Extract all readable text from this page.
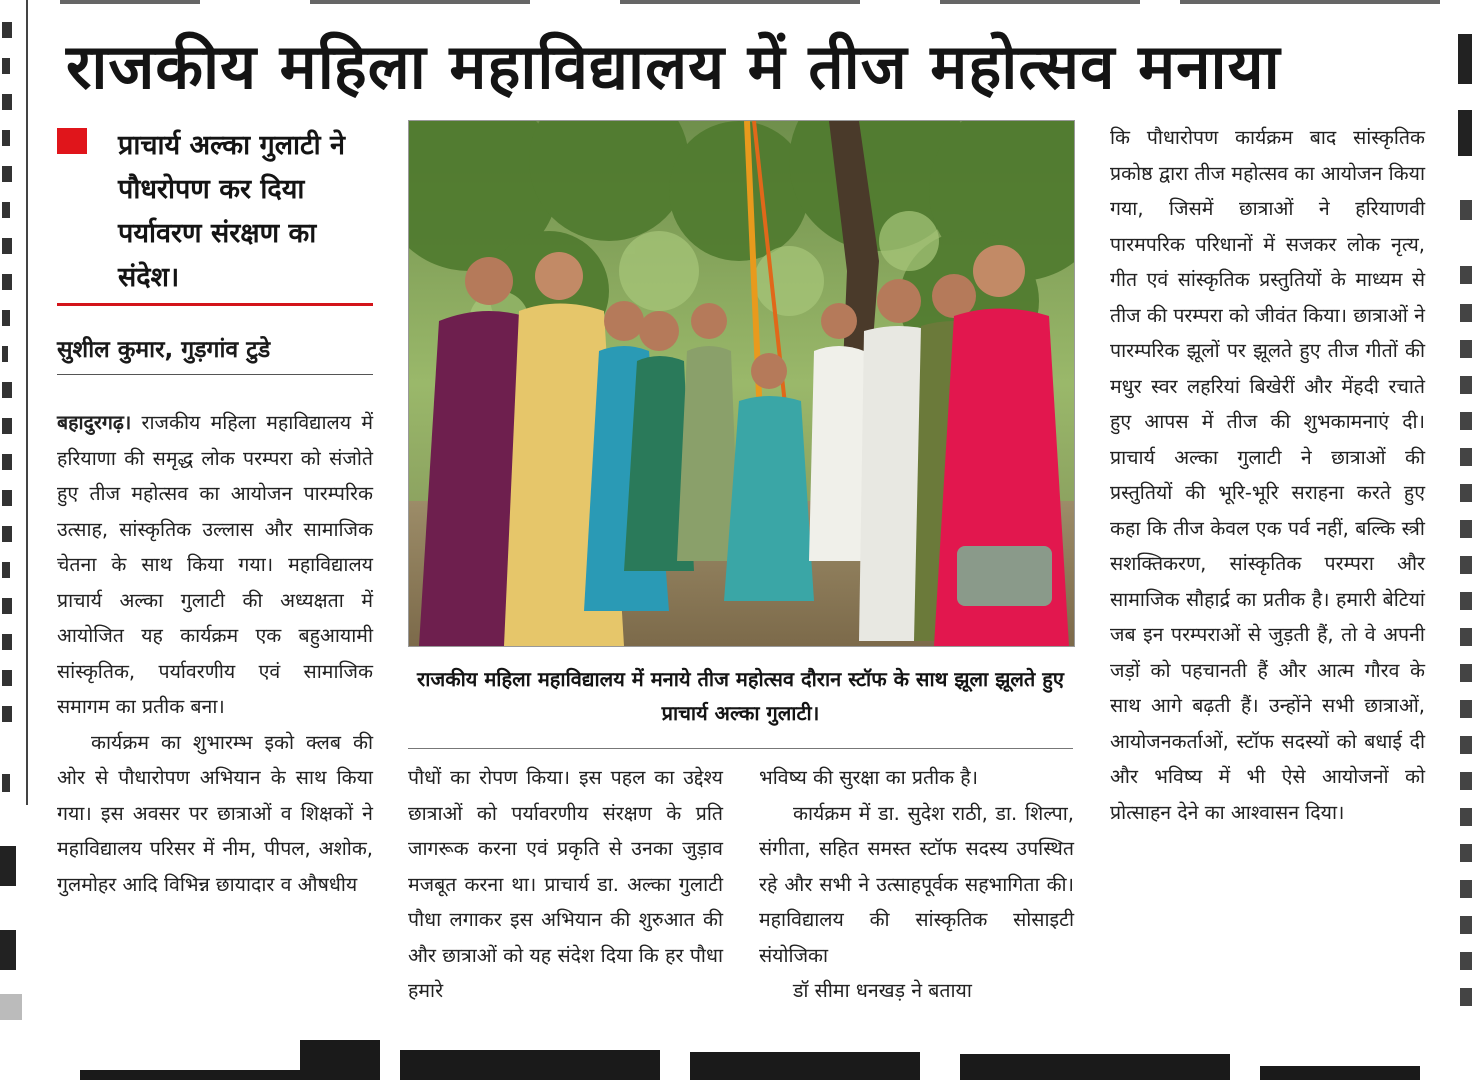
राजकीय महिला महाविद्यालय में तीज महोत्सव मनाया
प्राचार्य अल्का गुलाटी ने पौधरोपण कर दिया पर्यावरण संरक्षण का संदेश।
सुशील कुमार, गुड़गांव टुडे

बहादुरगढ़। राजकीय महिला महाविद्यालय में हरियाणा की समृद्ध लोक परम्परा को संजोते हुए तीज महोत्सव का आयोजन पारम्परिक उत्साह, सांस्कृतिक उल्लास और सामाजिक चेतना के साथ किया गया। महाविद्यालय प्राचार्य अल्का गुलाटी की अध्यक्षता में आयोजित यह कार्यक्रम एक बहुआयामी सांस्कृतिक, पर्यावरणीय एवं सामाजिक समागम का प्रतीक बना।

कार्यक्रम का शुभारम्भ इको क्लब की ओर से पौधारोपण अभियान के साथ किया गया। इस अवसर पर छात्राओं व शिक्षकों ने महाविद्यालय परिसर में नीम, पीपल, अशोक, गुलमोहर आदि विभिन्न छायादार व औषधीय

राजकीय महिला महाविद्यालय में मनाये तीज महोत्सव दौरान स्टॉफ के साथ झूला झूलते हुए प्राचार्य अल्का गुलाटी।

पौधों का रोपण किया। इस पहल का उद्देश्य छात्राओं को पर्यावरणीय संरक्षण के प्रति जागरूक करना एवं प्रकृति से उनका जुड़ाव मजबूत करना था। प्राचार्य डा. अल्का गुलाटी पौधा लगाकर इस अभियान की शुरुआत की और छात्राओं को यह संदेश दिया कि हर पौधा हमारे

भविष्य की सुरक्षा का प्रतीक है।

कार्यक्रम में डा. सुदेश राठी, डा. शिल्पा, संगीता, सहित समस्त स्टॉफ सदस्य उपस्थित रहे और सभी ने उत्साहपूर्वक सहभागिता की। महाविद्यालय की सांस्कृतिक सोसाइटी संयोजिका

डॉ सीमा धनखड़ ने बताया

कि पौधारोपण कार्यक्रम बाद सांस्कृतिक प्रकोष्ठ द्वारा तीज महोत्सव का आयोजन किया गया, जिसमें छात्राओं ने हरियाणवी पारमपरिक परिधानों में सजकर लोक नृत्य, गीत एवं सांस्कृतिक प्रस्तुतियों के माध्यम से तीज की परम्परा को जीवंत किया। छात्राओं ने पारम्परिक झूलों पर झूलते हुए तीज गीतों की मधुर स्वर लहरियां बिखेरीं और मेंहदी रचाते हुए आपस में तीज की शुभकामनाएं दी। प्राचार्य अल्का गुलाटी ने छात्राओं की प्रस्तुतियों की भूरि-भूरि सराहना करते हुए कहा कि तीज केवल एक पर्व नहीं, बल्कि स्त्री सशक्तिकरण, सांस्कृतिक परम्परा और सामाजिक सौहार्द्र का प्रतीक है। हमारी बेटियां जब इन परम्पराओं से जुड़ती हैं, तो वे अपनी जड़ों को पहचानती हैं और आत्म गौरव के साथ आगे बढ़ती हैं। उन्होंने सभी छात्राओं, आयोजनकर्ताओं, स्टॉफ सदस्यों को बधाई दी और भविष्य में भी ऐसे आयोजनों को प्रोत्साहन देने का आश्वासन दिया।
